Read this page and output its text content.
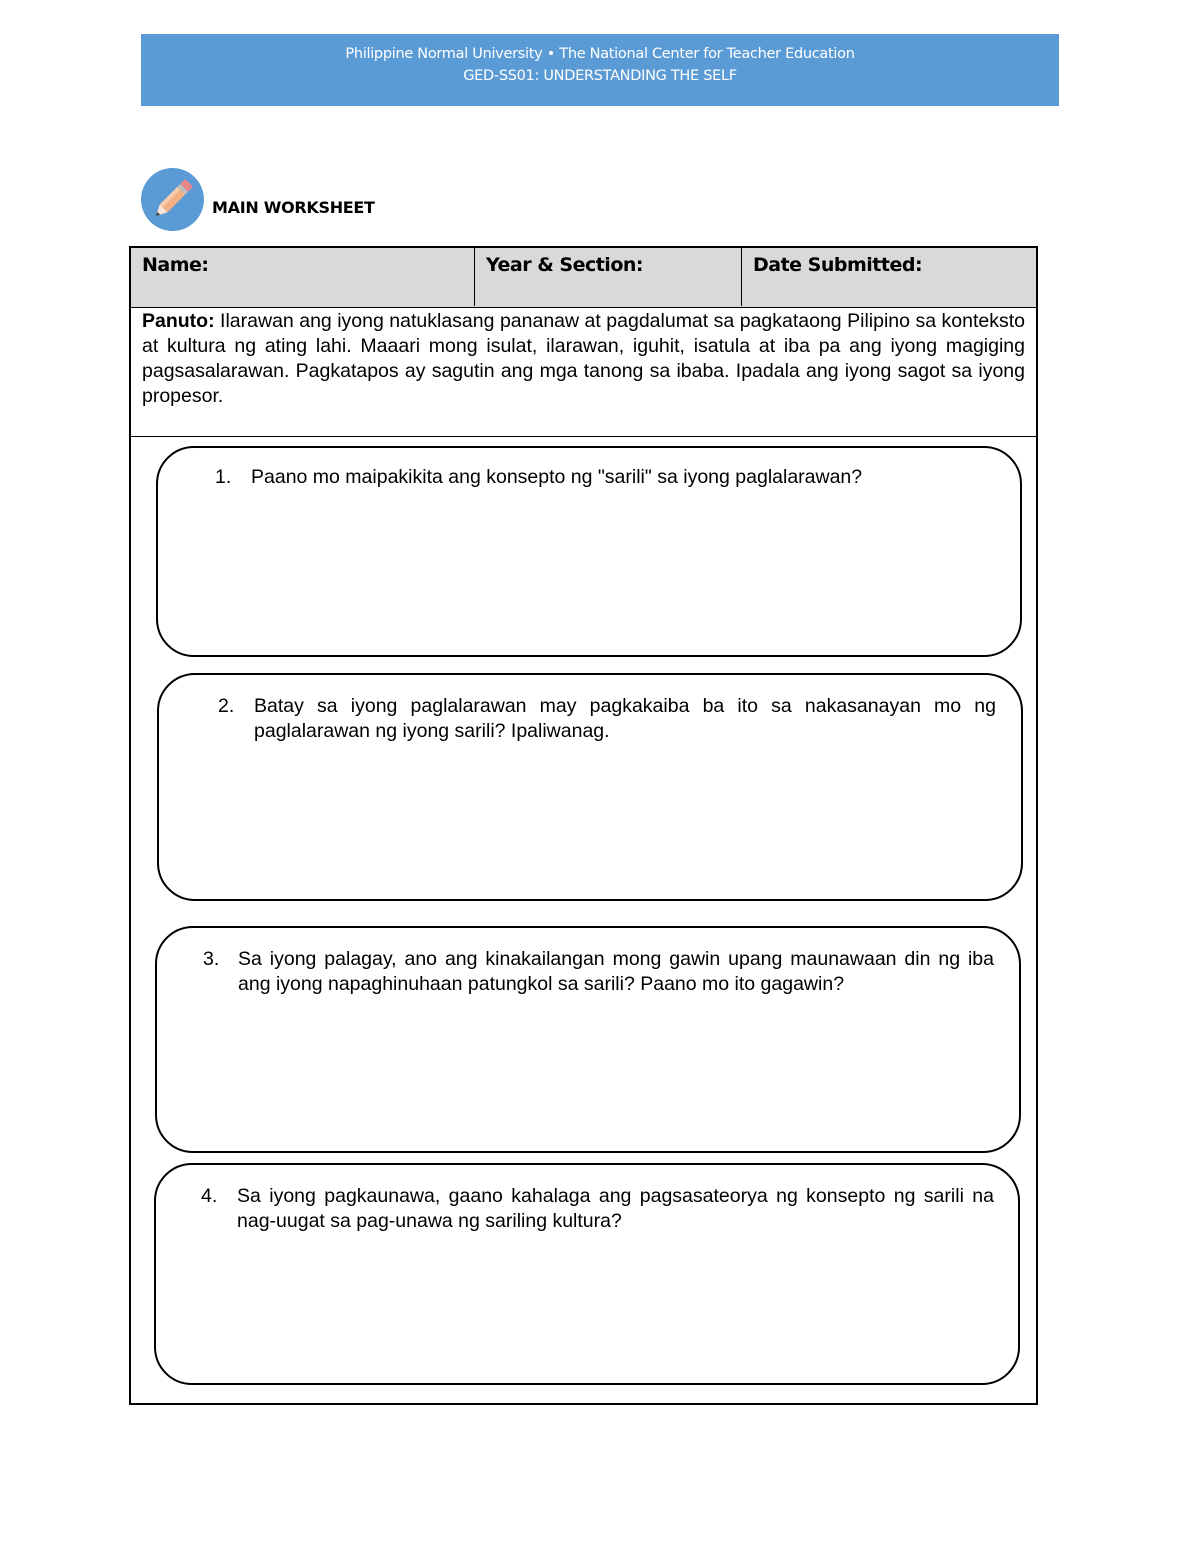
Philippine Normal University • The National Center for Teacher Education
GED-SS01: UNDERSTANDING THE SELF
MAIN WORKSHEET
Name:	Year & Section:	Date Submitted:
Panuto: Ilarawan ang iyong natuklasang pananaw at pagdalumat sa pagkataong Pilipino sa konteksto at kultura ng ating lahi. Maaari mong isulat, ilarawan, iguhit, isatula at iba pa ang iyong magiging pagsasalarawan. Pagkatapos ay sagutin ang mga tanong sa ibaba. Ipadala ang iyong sagot sa iyong propesor.
1.	Paano mo maipakikita ang konsepto ng "sarili" sa iyong paglalarawan?
2.	Batay sa iyong paglalarawan may pagkakaiba ba ito sa nakasanayan mo ng paglalarawan ng iyong sarili? Ipaliwanag.
3. Sa iyong palagay, ano ang kinakailangan mong gawin upang maunawaan din ng iba ang iyong napaghinuhaan patungkol sa sarili? Paano mo ito gagawin?
4.	Sa iyong pagkaunawa, gaano kahalaga ang pagsasateorya ng konsepto ng sarili na nag-uugat sa pag-unawa ng sariling kultura?
